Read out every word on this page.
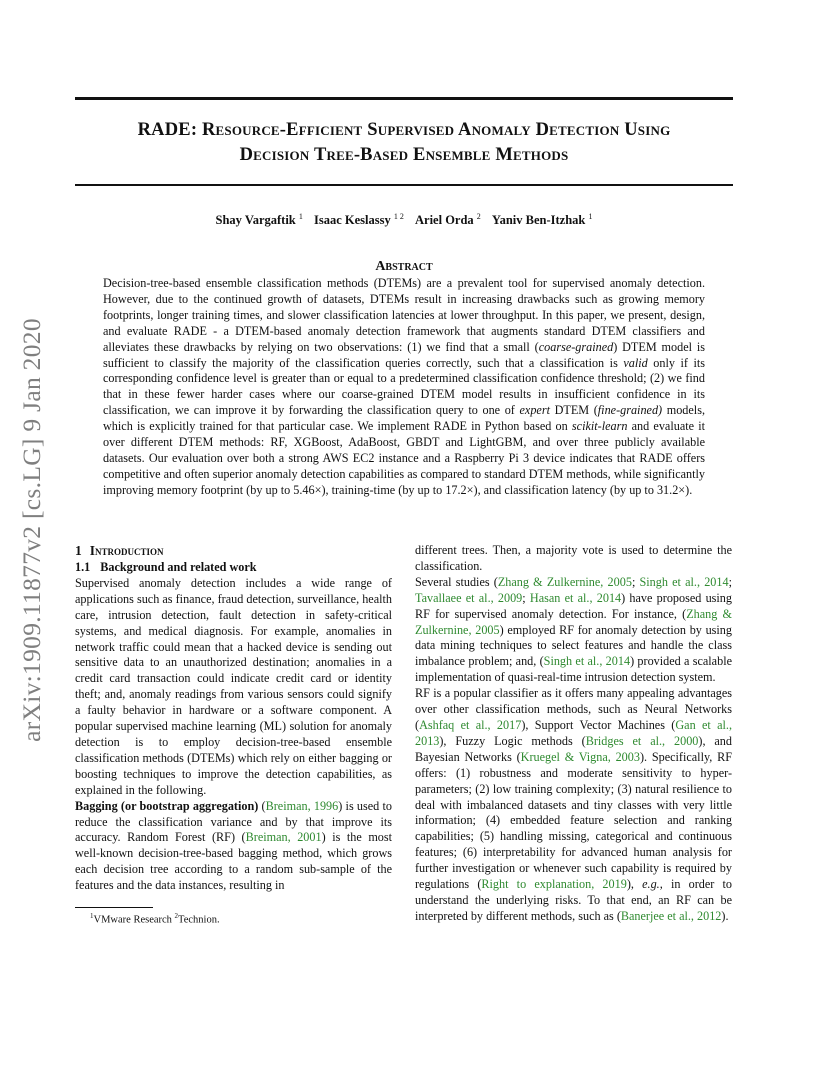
RADE: Resource-Efficient Supervised Anomaly Detection Using
Decision Tree-Based Ensemble Methods
Shay Vargaftik $^1$ Isaac Keslassy $^{1 2}$ Ariel Orda $^2$ Yaniv Ben-Itzhak $^1$
Abstract
Decision-tree-based ensemble classification methods (DTEMs) are a prevalent tool for supervised anomaly detection. However, due to the continued growth of datasets, DTEMs result in increasing drawbacks such as growing memory footprints, longer training times, and slower classification latencies at lower throughput. In this paper, we present, design, and evaluate RADE - a DTEM-based anomaly detection framework that augments standard DTEM classifiers and alleviates these drawbacks by relying on two observations: (1) we find that a small (coarse-grained) DTEM model is sufficient to classify the majority of the classification queries correctly, such that a classification is valid only if its corresponding confidence level is greater than or equal to a predetermined classification confidence threshold; (2) we find that in these fewer harder cases where our coarse-grained DTEM model results in insufficient confidence in its classification, we can improve it by forwarding the classification query to one of expert DTEM (fine-grained) models, which is explicitly trained for that particular case. We implement RADE in Python based on scikit-learn and evaluate it over different DTEM methods: RF, XGBoost, AdaBoost, GBDT and LightGBM, and over three publicly available datasets. Our evaluation over both a strong AWS EC2 instance and a Raspberry Pi 3 device indicates that RADE offers competitive and often superior anomaly detection capabilities as compared to standard DTEM methods, while significantly improving memory footprint (by up to 5.46×), training-time (by up to 17.2×), and classification latency (by up to 31.2×).
arXiv:1909.11877v2 [cs.LG] 9 Jan 2020 1 Introduction
1.1 Background and related work

Supervised anomaly detection includes a wide range of applications such as finance, fraud detection, surveillance, health care, intrusion detection, fault detection in safety-critical systems, and medical diagnosis. For example, anomalies in network traffic could mean that a hacked device is sending out sensitive data to an unauthorized destination; anomalies in a credit card transaction could indicate credit card or identity theft; and, anomaly readings from various sensors could signify a faulty behavior in hardware or a software component. A popular supervised machine learning (ML) solution for anomaly detection is to employ decision-tree-based ensemble classification methods (DTEMs) which rely on either bagging or boosting techniques to improve the detection capabilities, as explained in the following.

Bagging (or bootstrap aggregation) (Breiman, 1996) is used to reduce the classification variance and by that improve its accuracy. Random Forest (RF) (Breiman, 2001) is the most well-known decision-tree-based bagging method, which grows each decision tree according to a random sub-sample of the features and the data instances, resulting in

different trees. Then, a majority vote is used to determine the classification.

Several studies (Zhang & Zulkernine, 2005; Singh et al., 2014; Tavallaee et al., 2009; Hasan et al., 2014) have proposed using RF for supervised anomaly detection. For instance, (Zhang & Zulkernine, 2005) employed RF for anomaly detection by using data mining techniques to select features and handle the class imbalance problem; and, (Singh et al., 2014) provided a scalable implementation of quasi-real-time intrusion detection system.

RF is a popular classifier as it offers many appealing advantages over other classification methods, such as Neural Networks (Ashfaq et al., 2017), Support Vector Machines (Gan et al., 2013), Fuzzy Logic methods (Bridges et al., 2000), and Bayesian Networks (Kruegel & Vigna, 2003). Specifically, RF offers: (1) robustness and moderate sensitivity to hyper-parameters; (2) low training complexity; (3) natural resilience to deal with imbalanced datasets and tiny classes with very little information; (4) embedded feature selection and ranking capabilities; (5) handling missing, categorical and continuous features; (6) interpretability for advanced human analysis for further investigation or whenever such capability is required by regulations (Right to explanation, 2019), e.g., in order to understand the underlying risks. To that end, an RF can be interpreted by different methods, such as (Banerjee et al., 2012).

$^1$VMware Research $^2$Technion.
